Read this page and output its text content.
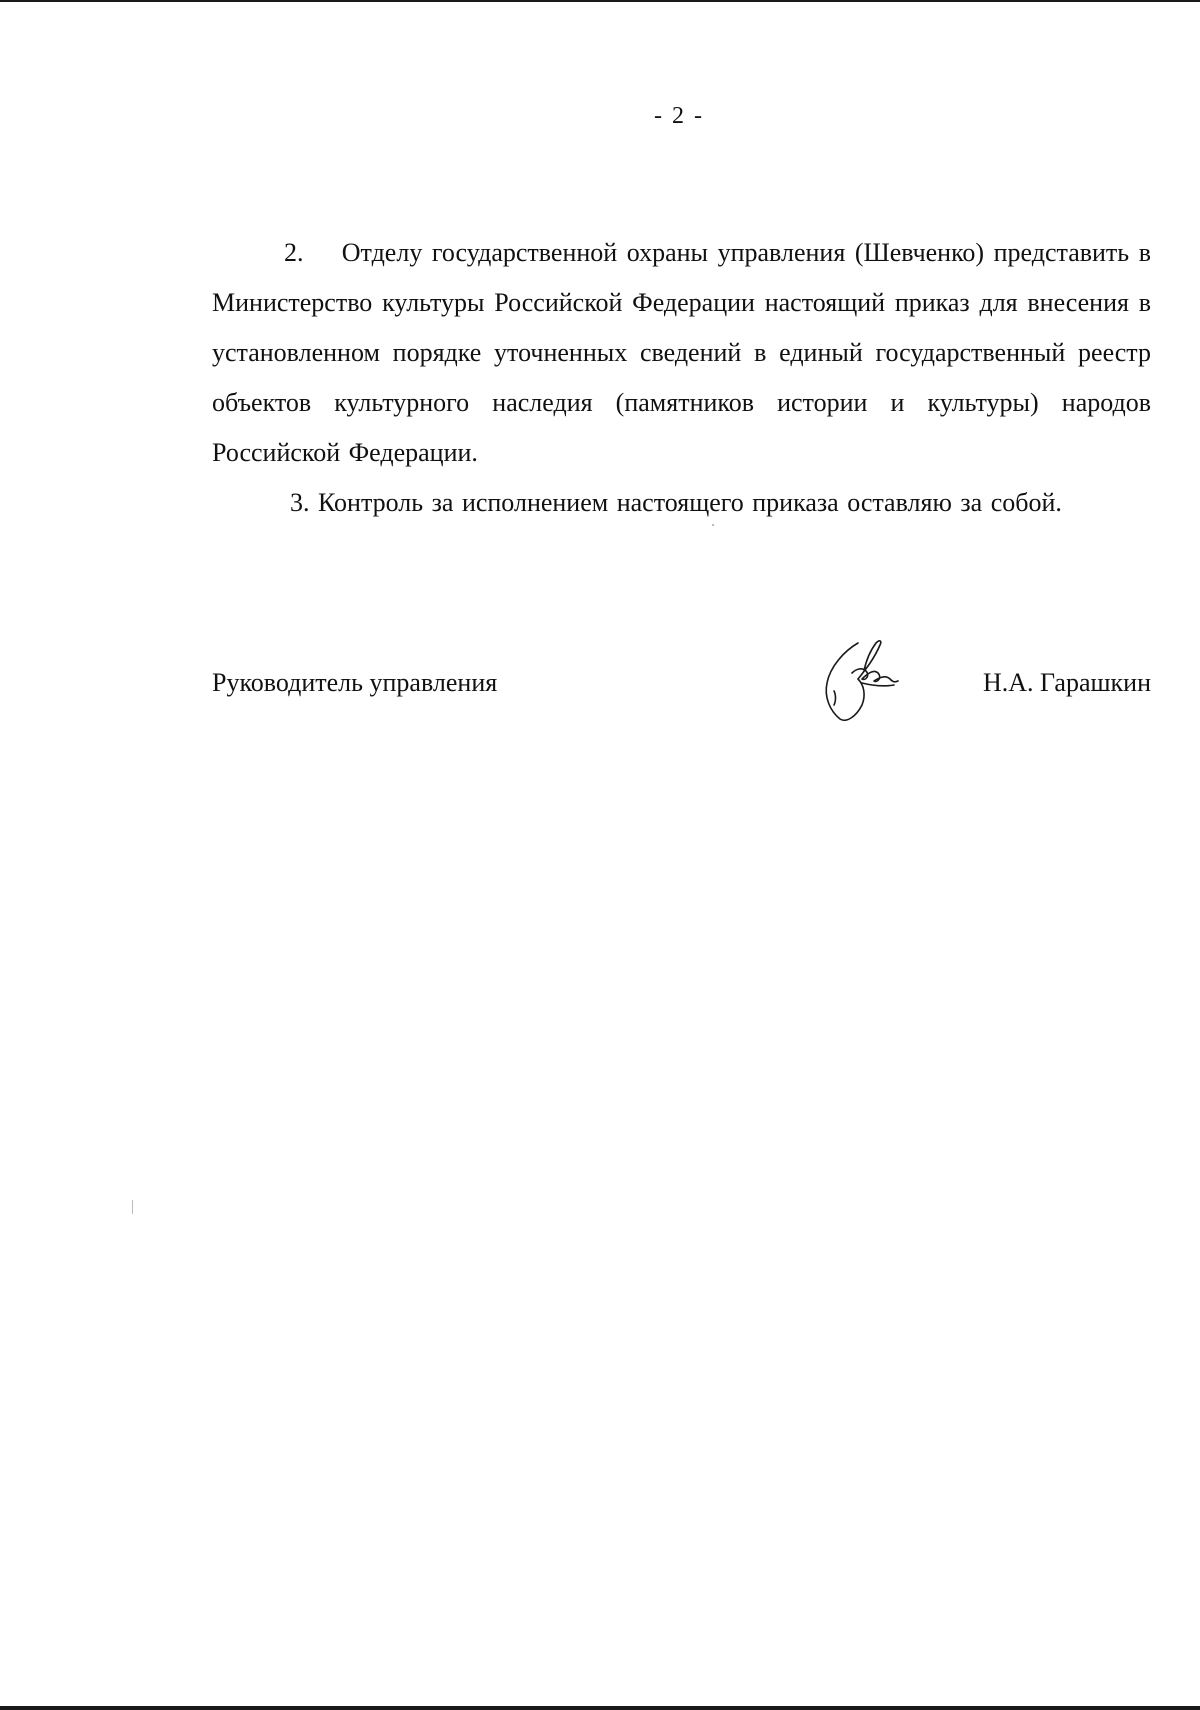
- 2 -

2.    Отделу государственной охраны управления (Шевченко) представить в Министерство культуры Российской Федерации настоящий приказ для внесения в установленном порядке уточненных сведений в единый государственный реестр объектов культурного наследия (памятников истории и культуры) народов Российской Федерации.

3. Контроль за исполнением настоящего приказа оставляю за собой.

Руководитель управления	Н.А. Гарашкин
